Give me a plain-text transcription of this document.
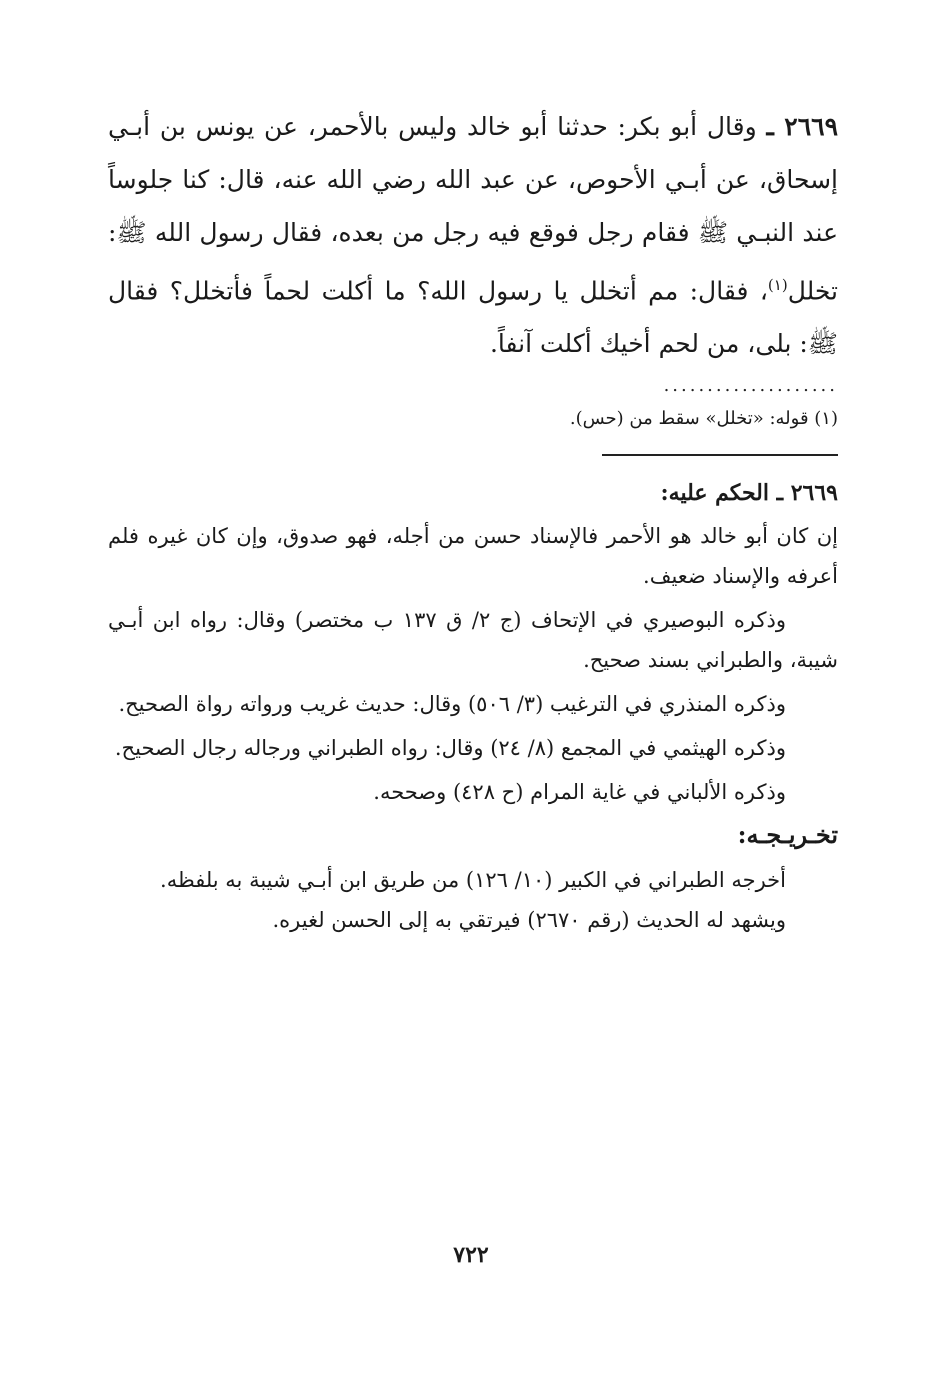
٢٦٦٩ ـ وقال أبو بكر: حدثنا أبو خالد وليس بالأحمر، عن يونس بن أبـي إسحاق، عن أبـي الأحوص، عن عبد الله رضي الله عنه، قال: كنا جلوساً عند النبـي ﷺ فقام رجل فوقع فيه رجل من بعده، فقال رسول الله ﷺ: تخلل$^{(١)}$، فقال: مم أتخلل يا رسول الله؟ ما أكلت لحماً فأتخلل؟ فقال ﷺ: بلى، من لحم أخيك أكلت آنفاً.

....................

(١) قوله: «تخلل» سقط من (حس).

٢٦٦٩ ـ الحكم عليه:

إن كان أبو خالد هو الأحمر فالإسناد حسن من أجله، فهو صدوق، وإن كان غيره فلم أعرفه والإسناد ضعيف.

وذكره البوصيري في الإتحاف (ج ٢/ ق ١٣٧ ب مختصر) وقال: رواه ابن أبـي شيبة، والطبراني بسند صحيح.

وذكره المنذري في الترغيب (٣/ ٥٠٦) وقال: حديث غريب ورواته رواة الصحيح.

وذكره الهيثمي في المجمع (٨/ ٢٤) وقال: رواه الطبراني ورجاله رجال الصحيح.

وذكره الألباني في غاية المرام (ح ٤٢٨) وصححه.

تخـريـجـه:

أخرجه الطبراني في الكبير (١٠/ ١٢٦) من طريق ابن أبـي شيبة به بلفظه.

ويشهد له الحديث (رقم ٢٦٧٠) فيرتقي به إلى الحسن لغيره.

٧٢٢
